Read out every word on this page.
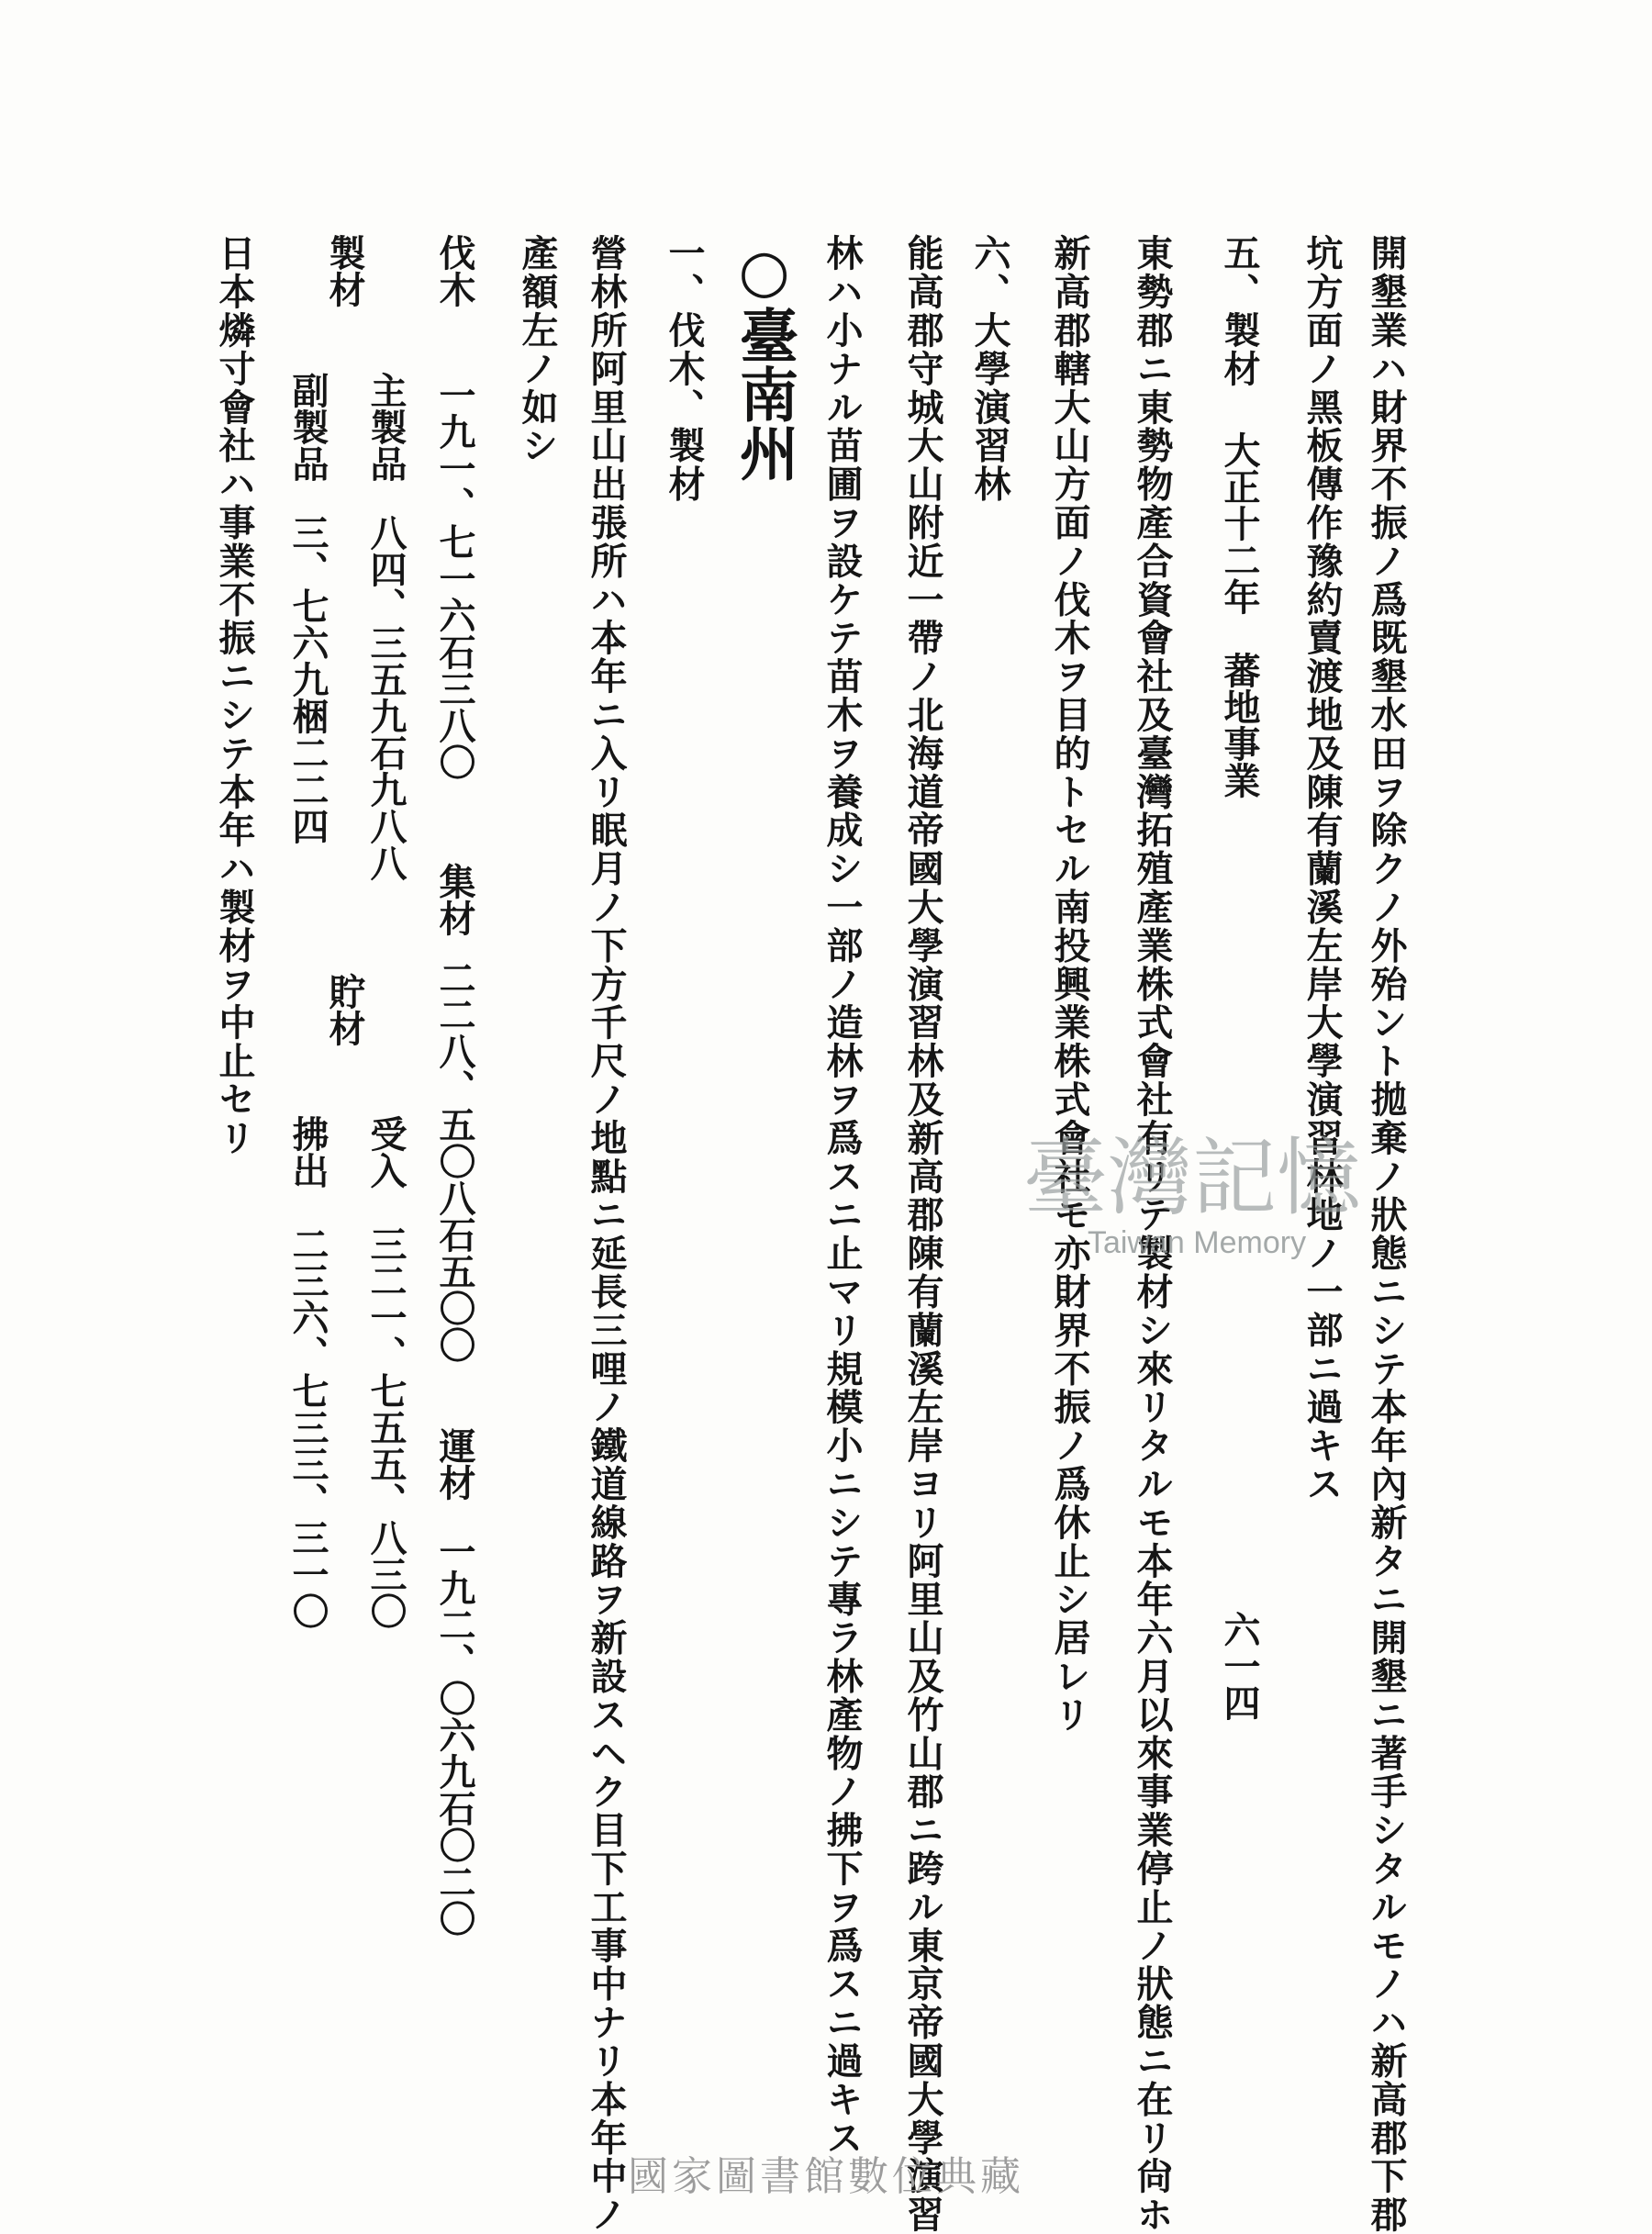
大正十二年　蕃地事業
六一四	開墾業ハ財界不振ノ爲既墾水田ヲ除クノ外殆ント拋棄ノ狀態ニシテ本年內新タニ開墾ニ著手シタルモノハ新高郡下郡
坑方面ノ黑板傳作豫約賣渡地及陳有蘭溪左岸大學演習林地ノ一部ニ過キス
五、製材
東勢郡ニ東勢物產合資會社及臺灣拓殖產業株式會社有リテ製材シ來リタルモ本年六月以來事業停止ノ狀態ニ在リ尙ホ
新高郡轄大山方面ノ伐木ヲ目的トセル南投興業株式會社モ亦財界不振ノ爲休止シ居レリ
六、大學演習林
能高郡守城大山附近一帶ノ北海道帝國大學演習林及新高郡陳有蘭溪左岸ヨリ阿里山及竹山郡ニ跨ル東京帝國大學演習
林ハ小ナル苗圃ヲ設ケテ苗木ヲ養成シ一部ノ造林ヲ爲スニ止マリ規模小ニシテ專ラ林產物ノ拂下ヲ爲スニ過キス
○臺南州
一、伐木、製材
營林所阿里山出張所ハ本年ニ入リ眠月ノ下方千尺ノ地點ニ延長三哩ノ鐵道線路ヲ新設スヘク目下工事中ナリ本年中ノ
產額左ノ如シ
伐木
一九一、七一六石三八〇
集材
二二八、五〇八石五〇〇
運材
一九二、〇六九石〇二〇
製材
主製品
八四、三五九石九八八
貯材
受入
三二一、七五五、八三〇
副製品
三、七六九梱二二四
拂出
二三六、七三三、三一〇
日本燐寸會社ハ事業不振ニシテ本年ハ製材ヲ中止セリ
臺灣記憶
Taiwan Memory
國家圖書館數位典藏
